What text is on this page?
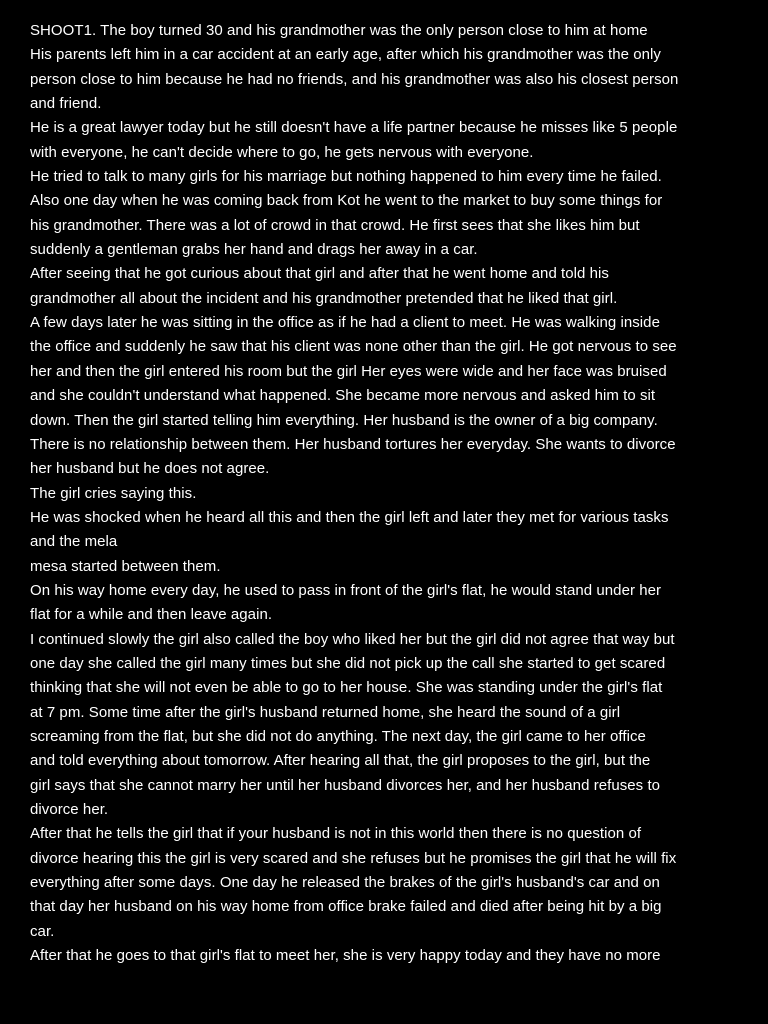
SHOOT1. The boy turned 30 and his grandmother was the only person close to him at home
His parents left him in a car accident at an early age, after which his grandmother was the only
person close to him because he had no friends, and his grandmother was also his closest person
and friend.
He is a great lawyer today but he still doesn't have a life partner because he misses like 5 people
with everyone, he can't decide where to go, he gets nervous with everyone.
He tried to talk to many girls for his marriage but nothing happened to him every time he failed.
Also one day when he was coming back from Kot he went to the market to buy some things for
his grandmother. There was a lot of crowd in that crowd. He first sees that she likes him but
suddenly a gentleman grabs her hand and drags her away in a car.
After seeing that he got curious about that girl and after that he went home and told his
grandmother all about the incident and his grandmother pretended that he liked that girl.
A few days later he was sitting in the office as if he had a client to meet. He was walking inside
the office and suddenly he saw that his client was none other than the girl. He got nervous to see
her and then the girl entered his room but the girl Her eyes were wide and her face was bruised
and she couldn't understand what happened. She became more nervous and asked him to sit
down. Then the girl started telling him everything. Her husband is the owner of a big company.
There is no relationship between them. Her husband tortures her everyday. She wants to divorce
her husband but he does not agree.
The girl cries saying this.
He was shocked when he heard all this and then the girl left and later they met for various tasks
and the mela
mesa started between them.
On his way home every day, he used to pass in front of the girl's flat, he would stand under her
flat for a while and then leave again.
I continued slowly the girl also called the boy who liked her but the girl did not agree that way but
one day she called the girl many times but she did not pick up the call she started to get scared
thinking that she will not even be able to go to her house. She was standing under the girl's flat
at 7 pm. Some time after the girl's husband returned home, she heard the sound of a girl
screaming from the flat, but she did not do anything. The next day, the girl came to her office
and told everything about tomorrow. After hearing all that, the girl proposes to the girl, but the
girl says that she cannot marry her until her husband divorces her, and her husband refuses to
divorce her.
After that he tells the girl that if your husband is not in this world then there is no question of
divorce hearing this the girl is very scared and she refuses but he promises the girl that he will fix
everything after some days. One day he released the brakes of the girl's husband's car and on
that day her husband on his way home from office brake failed and died after being hit by a big
car.
After that he goes to that girl's flat to meet her, she is very happy today and they have no more
